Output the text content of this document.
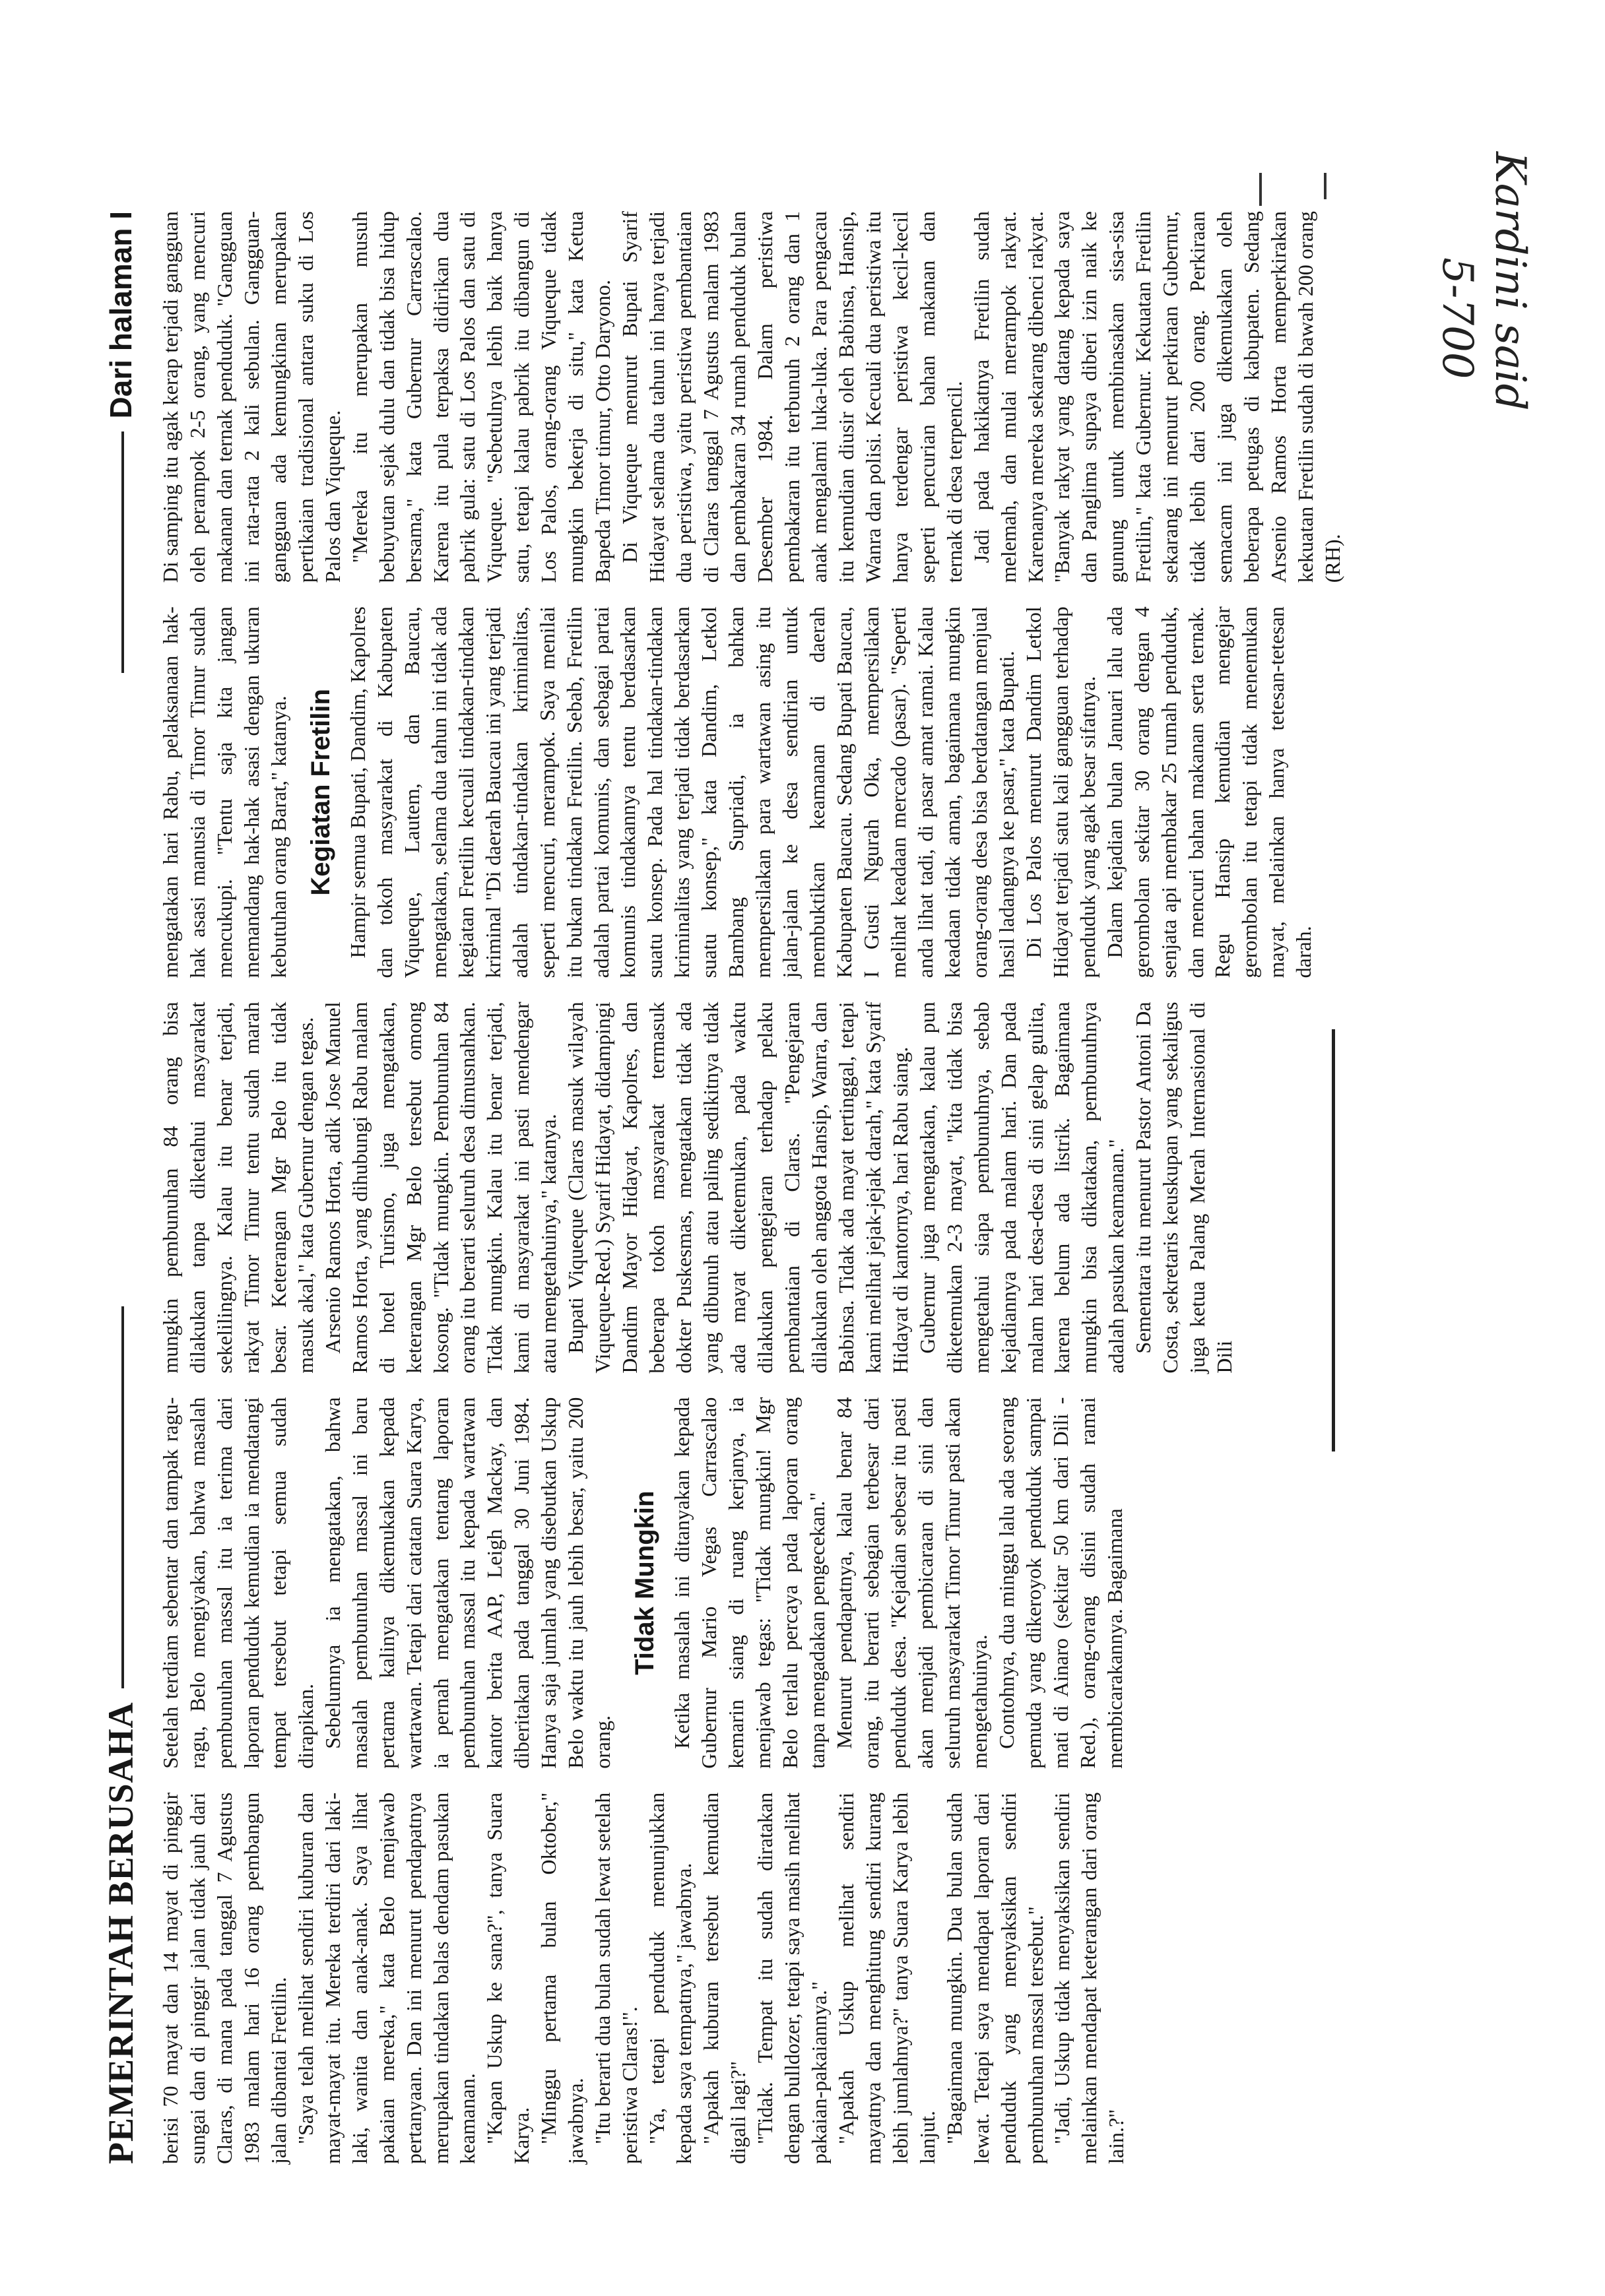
PEMERINTAH BERUSAHA
Dari halaman I

berisi 70 mayat dan 14 mayat di pinggir sungai dan di pinggir jalan tidak jauh dari Claras, di mana pada tanggal 7 Agustus 1983 malam hari 16 orang pembangun jalan dibantai Fretilin. "Saya telah melihat sendiri kuburan dan mayat-mayat itu. Mereka terdiri dari laki-laki, wanita dan anak-anak. Saya lihat pakaian mereka," kata Belo menjawab pertanyaan. Dan ini menurut pendapatnya merupakan tindakan balas dendam pasukan keamanan. "Kapan Uskup ke sana?", tanya Suara Karya. "Minggu pertama bulan Oktober," jawabnya. "Itu berarti dua bulan sudah lewat setelah peristiwa Claras!". "Ya, tetapi penduduk menunjukkan kepada saya tempatnya," jawabnya. "Apakah kuburan tersebut kemudian digali lagi?" "Tidak. Tempat itu sudah diratakan dengan bulldozer, tetapi saya masih melihat pakaian-pakaiannya." "Apakah Uskup melihat sendiri mayatnya dan menghitung sendiri kurang lebih jumlahnya?" tanya Suara Karya lebih lanjut. "Bagaimana mungkin. Dua bulan sudah lewat. Tetapi saya mendapat laporan dari penduduk yang menyaksikan sendiri pembunuhan massal tersebut." "Jadi, Uskup tidak menyaksikan sendiri melainkan mendapat keterangan dari orang lain.?"

Setelah terdiam sebentar dan tampak ragu-ragu, Belo mengiyakan, bahwa masalah pembunuhan massal itu ia terima dari laporan penduduk kemudian ia mendatangi tempat tersebut tetapi semua sudah dirapikan. Sebelumnya ia mengatakan, bahwa masalah pembunuhan massal ini baru pertama kalinya dikemukakan kepada wartawan. Tetapi dari catatan Suara Karya, ia pernah mengatakan tentang laporan pembunuhan massal itu kepada wartawan kantor berita AAP, Leigh Mackay, dan diberitakan pada tanggal 30 Juni 1984. Hanya saja jumlah yang disebutkan Uskup Belo waktu itu jauh lebih besar, yaitu 200 orang.

Tidak Mungkin Ketika masalah ini ditanyakan kepada Gubernur Mario Vegas Carrascalao kemarin siang di ruang kerjanya, ia menjawab tegas: "Tidak mungkin! Mgr Belo terlalu percaya pada laporan orang tanpa mengadakan pengecekan." Menurut pendapatnya, kalau benar 84 orang, itu berarti sebagian terbesar dari penduduk desa. "Kejadian sebesar itu pasti akan menjadi pembicaraan di sini dan seluruh masyarakat Timor Timur pasti akan mengetahuinya. Contohnya, dua minggu lalu ada seorang pemuda yang dikeroyok penduduk sampai mati di Ainaro (sekitar 50 km dari Dili - Red.), orang-orang disini sudah ramai membicarakannya. Bagaimana

mungkin pembunuhan 84 orang bisa dilakukan tanpa diketahui masyarakat sekelilingnya. Kalau itu benar terjadi, rakyat Timor Timur tentu sudah marah besar. Keterangan Mgr Belo itu tidak masuk akal," kata Gubernur dengan tegas. Arsenio Ramos Horta, adik Jose Manuel Ramos Horta, yang dihubungi Rabu malam di hotel Turismo, juga mengatakan, keterangan Mgr Belo tersebut omong kosong. "Tidak mungkin. Pembunuhan 84 orang itu berarti seluruh desa dimusnahkan. Tidak mungkin. Kalau itu benar terjadi, kami di masyarakat ini pasti mendengar atau mengetahuinya," katanya. Bupati Viqueque (Claras masuk wilayah Viqueque-Red.) Syarif Hidayat, didampingi Dandim Mayor Hidayat, Kapolres, dan beberapa tokoh masyarakat termasuk dokter Puskesmas, mengatakan tidak ada yang dibunuh atau paling sedikitnya tidak ada mayat diketemukan, pada waktu dilakukan pengejaran terhadap pelaku pembantaian di Claras. "Pengejaran dilakukan oleh anggota Hansip, Wanra, dan Babinsa. Tidak ada mayat tertinggal, tetapi kami melihat jejak-jejak darah," kata Syarif Hidayat di kantornya, hari Rabu siang. Gubernur juga mengatakan, kalau pun diketemukan 2-3 mayat, "kita tidak bisa mengetahui siapa pembunuhnya, sebab kejadiannya pada malam hari. Dan pada malam hari desa-desa di sini gelap gulita, karena belum ada listrik. Bagaimana mungkin bisa dikatakan, pembunuhnya adalah pasukan keamanan." Sementara itu menurut Pastor Antoni Da Costa, sekretaris keuskupan yang sekaligus juga ketua Palang Merah Internasional di Dili

mengatakan hari Rabu, pelaksanaan hak-hak asasi manusia di Timor Timur sudah mencukupi. "Tentu saja kita jangan memandang hak-hak asasi dengan ukuran kebutuhan orang Barat," katanya. Kegiatan Fretilin Hampir semua Bupati, Dandim, Kapolres dan tokoh masyarakat di Kabupaten Viqueque, Lautem, dan Baucau, mengatakan, selama dua tahun ini tidak ada kegiatan Fretilin kecuali tindakan-tindakan kriminal "Di daerah Baucau ini yang terjadi adalah tindakan-tindakan kriminalitas, seperti mencuri, merampok. Saya menilai itu bukan tindakan Fretilin. Sebab, Fretilin adalah partai komunis, dan sebagai partai komunis tindakannya tentu berdasarkan suatu konsep. Pada hal tindakan-tindakan kriminalitas yang terjadi tidak berdasarkan suatu konsep," kata Dandim, Letkol Bambang Supriadi, ia bahkan mempersilakan para wartawan asing itu jalan-jalan ke desa sendirian untuk membuktikan keamanan di daerah Kabupaten Baucau. Sedang Bupati Baucau, I Gusti Ngurah Oka, mempersilakan melihat keadaan mercado (pasar). "Seperti anda lihat tadi, di pasar amat ramai. Kalau keadaan tidak aman, bagaimana mungkin orang-orang desa bisa berdatangan menjual hasil ladangnya ke pasar," kata Bupati. Di Los Palos menurut Dandim Letkol Hidayat terjadi satu kali gangguan terhadap penduduk yang agak besar sifatnya. Dalam kejadian bulan Januari lalu ada gerombolan sekitar 30 orang dengan 4 senjata api membakar 25 rumah penduduk, dan mencuri bahan makanan serta ternak. Regu Hansip kemudian mengejar gerombolan itu tetapi tidak menemukan mayat, melainkan hanya tetesan-tetesan darah.

Di samping itu agak kerap terjadi gangguan oleh perampok 2-5 orang, yang mencuri makanan dan ternak penduduk. "Gangguan ini rata-rata 2 kali sebulan. Gangguan-gangguan ada kemungkinan merupakan pertikaian tradisional antara suku di Los Palos dan Viqueque. "Mereka itu merupakan musuh bebuyutan sejak dulu dan tidak bisa hidup bersama," kata Gubernur Carrascalao. Karena itu pula terpaksa didirikan dua pabrik gula: satu di Los Palos dan satu di Viqueque. "Sebetulnya lebih baik hanya satu, tetapi kalau pabrik itu dibangun di Los Palos, orang-orang Viqueque tidak mungkin bekerja di situ," kata Ketua Bapeda Timor timur, Otto Daryono. Di Viqueque menurut Bupati Syarif Hidayat selama dua tahun ini hanya terjadi dua peristiwa, yaitu peristiwa pembantaian di Claras tanggal 7 Agustus malam 1983 dan pembakaran 34 rumah penduduk bulan Desember 1984. Dalam peristiwa pembakaran itu terbunuh 2 orang dan 1 anak mengalami luka-luka. Para pengacau itu kemudian diusir oleh Babinsa, Hansip, Wanra dan polisi. Kecuali dua peristiwa itu hanya terdengar peristiwa kecil-kecil seperti pencurian bahan makanan dan ternak di desa terpencil. Jadi pada hakikatnya Fretilin sudah melemah, dan mulai merampok rakyat. Karenanya mereka sekarang dibenci rakyat. "Banyak rakyat yang datang kepada saya dan Panglima supaya diberi izin naik ke gunung untuk membinasakan sisa-sisa Fretilin," kata Gubernur. Kekuatan Fretilin sekarang ini menurut perkiraan Gubernur, tidak lebih dari 200 orang. Perkiraan semacam ini juga dikemukakan oleh beberapa petugas di kabupaten. Sedang Arsenio Ramos Horta memperkirakan kekuatan Fretilin sudah di bawah 200 orang (RH).

Kardini said
5-700
